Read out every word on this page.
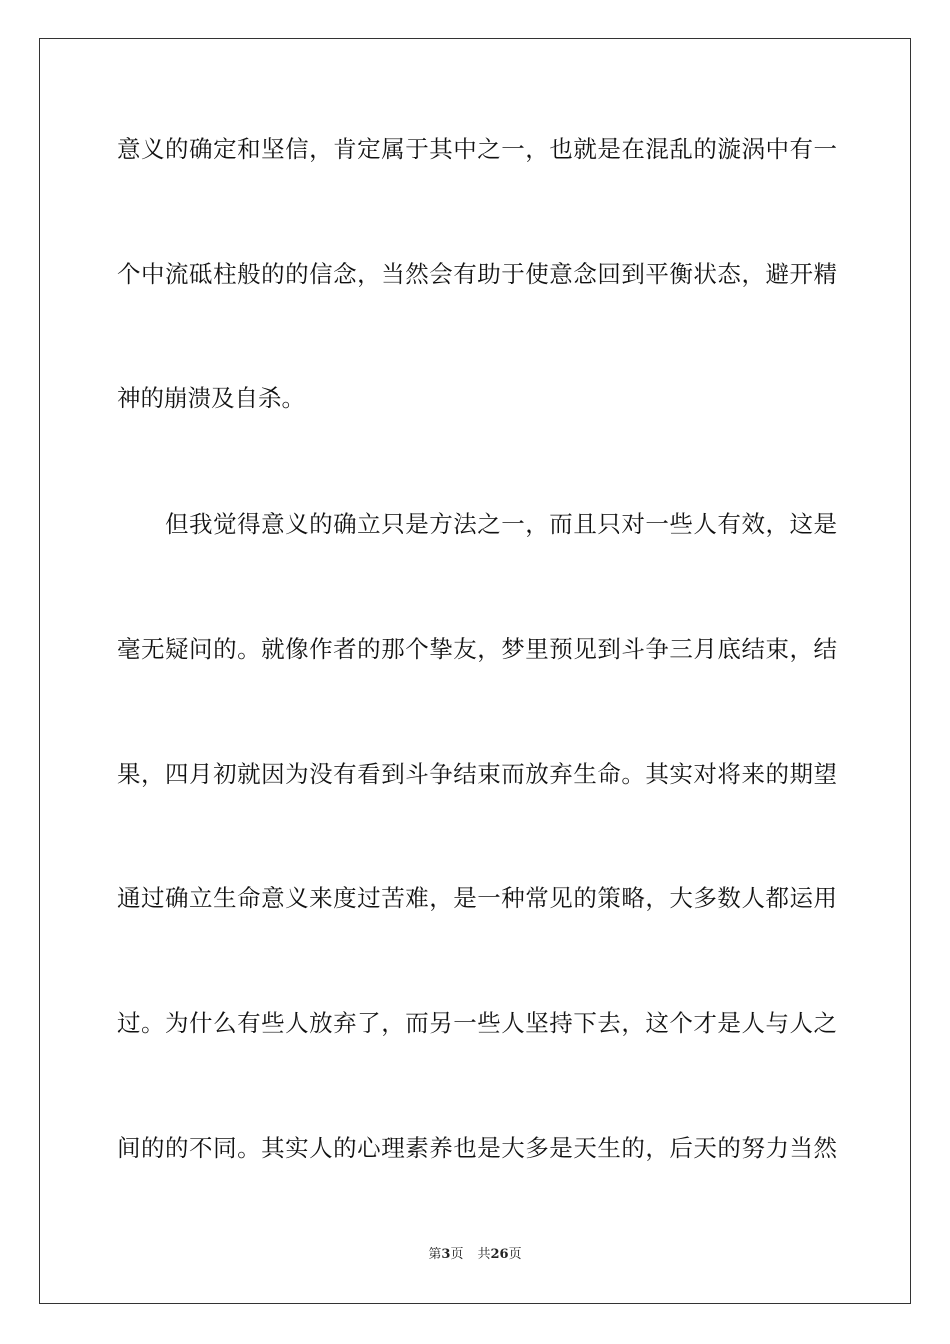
意义的确定和坚信，肯定属于其中之一，也就是在混乱的漩涡中有一
个中流砥柱般的的信念，当然会有助于使意念回到平衡状态，避开精
神的崩溃及自杀。
　　但我觉得意义的确立只是方法之一，而且只对一些人有效，这是
毫无疑问的。就像作者的那个挚友，梦里预见到斗争三月底结束，结
果，四月初就因为没有看到斗争结束而放弃生命。其实对将来的期望
通过确立生命意义来度过苦难，是一种常见的策略，大多数人都运用
过。为什么有些人放弃了，而另一些人坚持下去，这个才是人与人之
间的的不同。其实人的心理素养也是大多是天生的，后天的努力当然
第3页 共26页
